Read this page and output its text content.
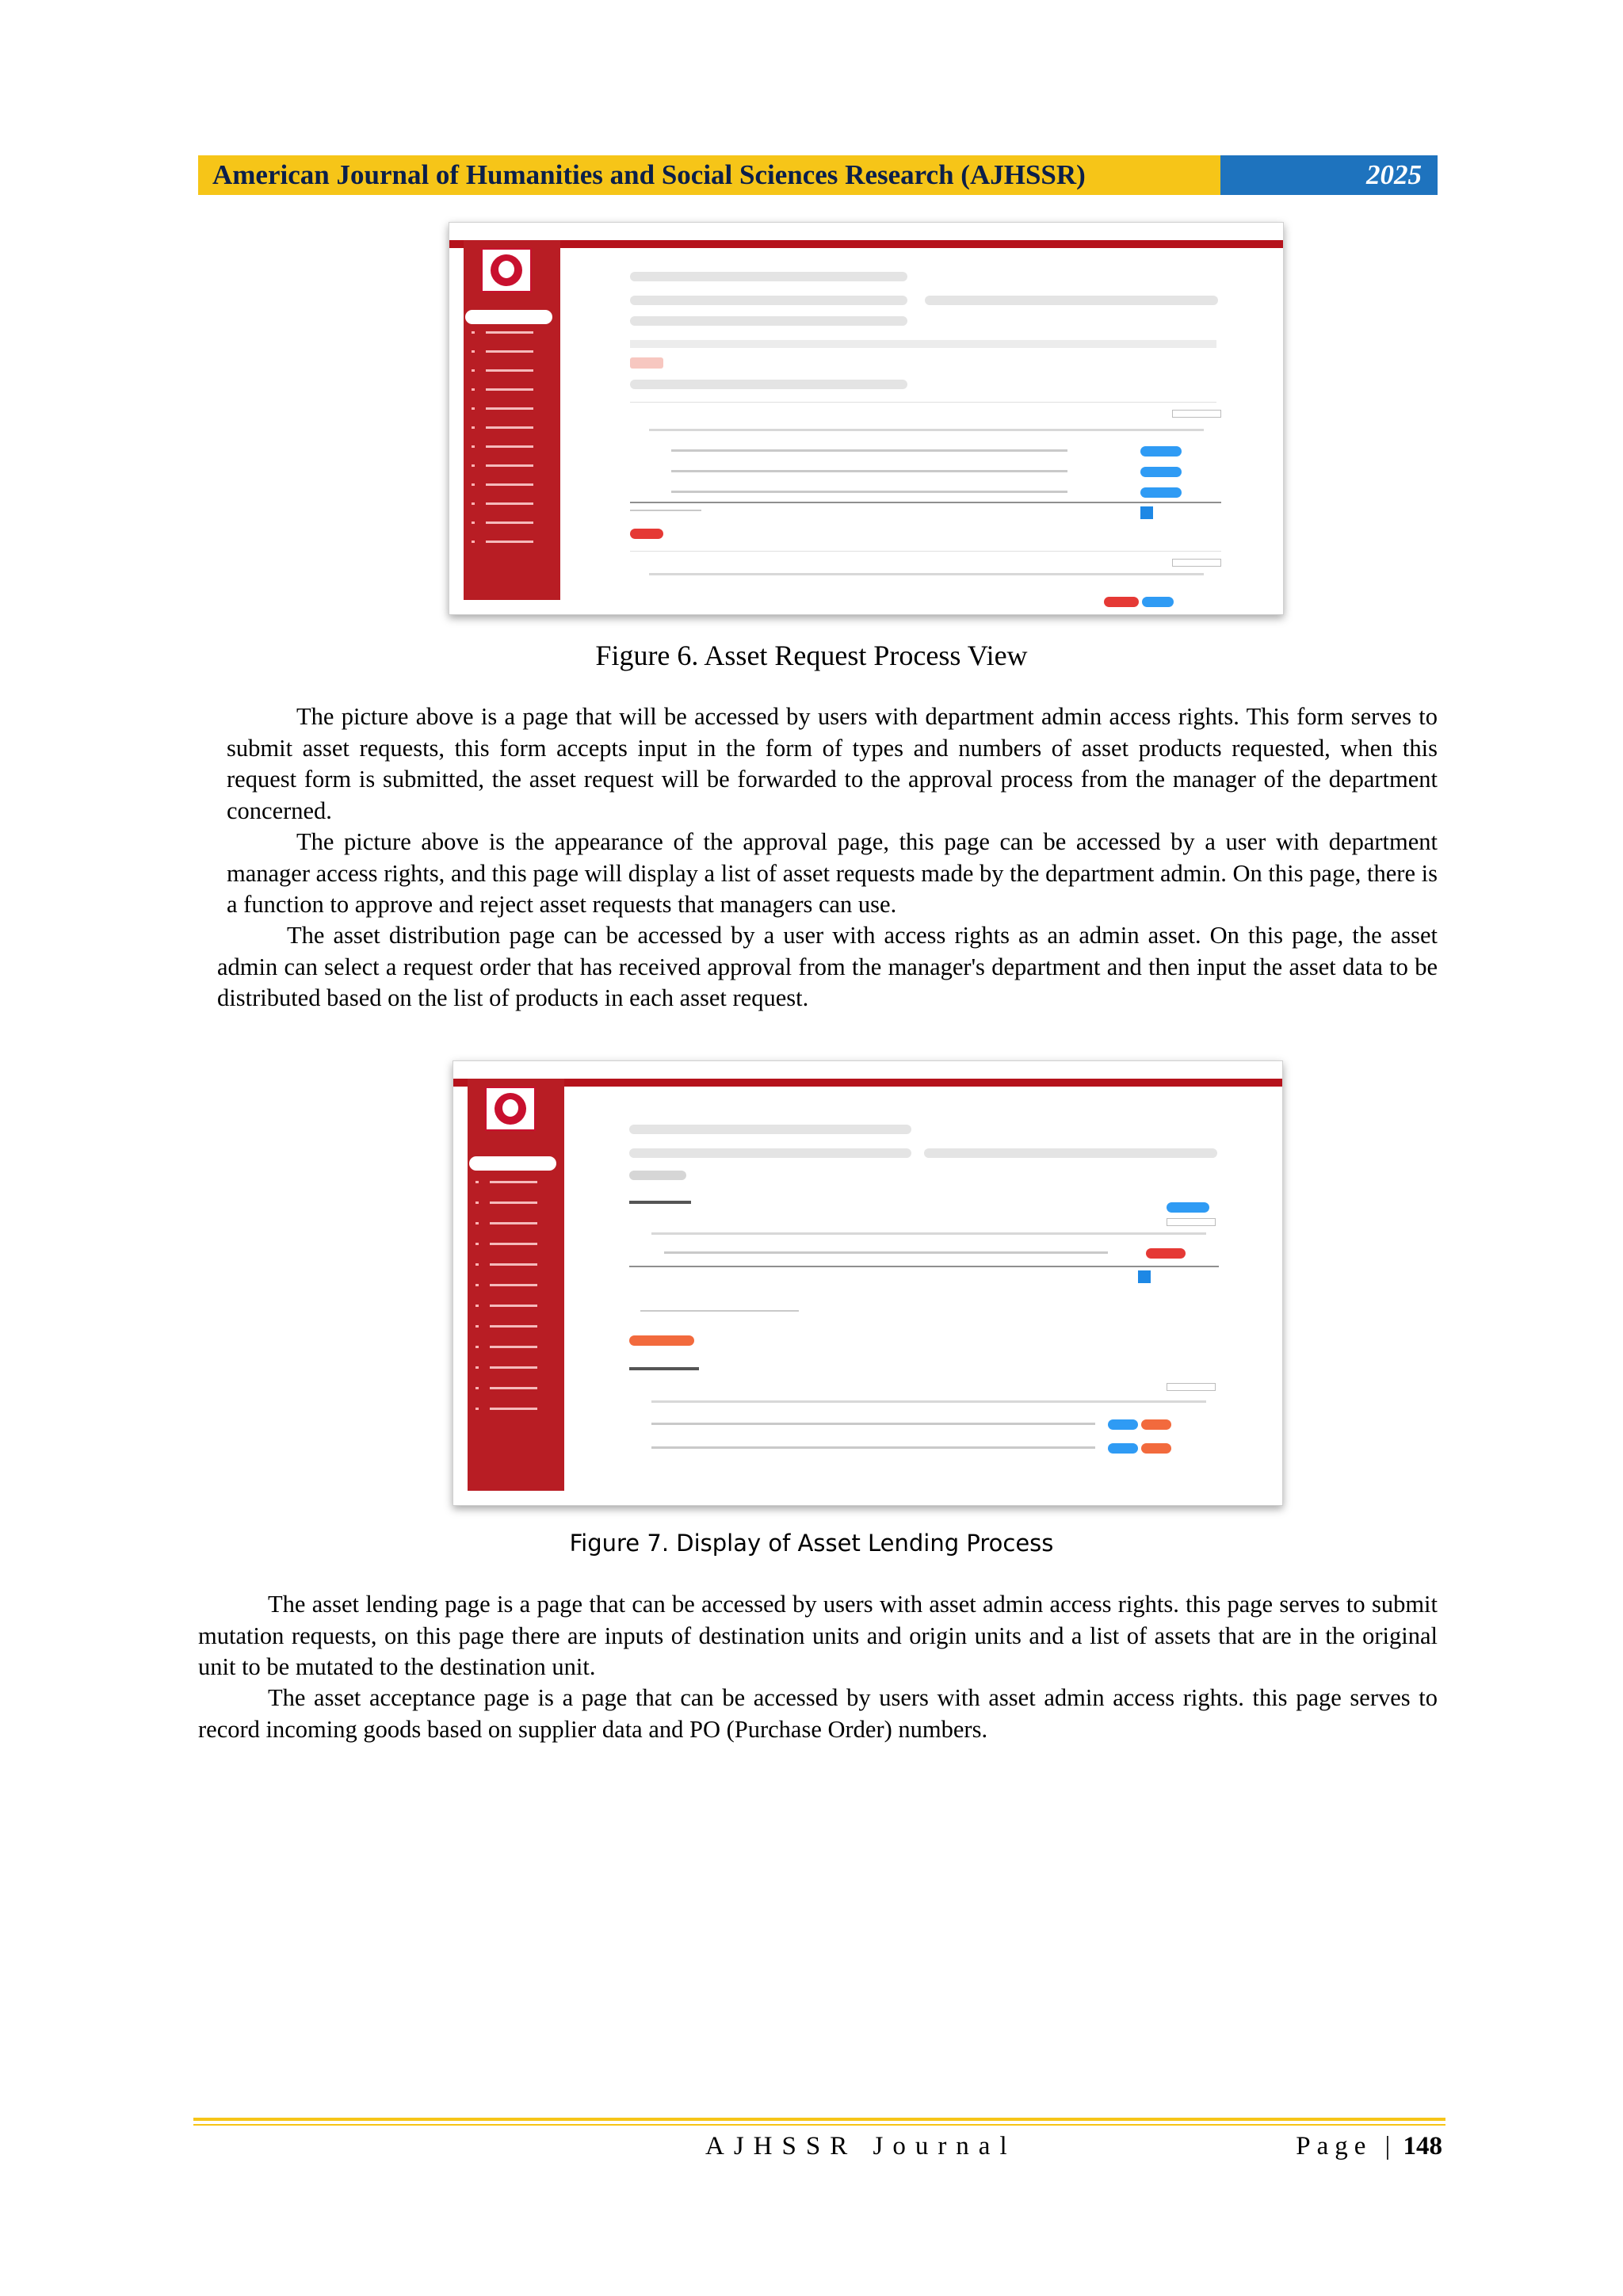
American Journal of Humanities and Social Sciences Research (AJHSSR)	2025
Figure 6. Asset Request Process View

The picture above is a page that will be accessed by users with department admin access rights. This form serves to submit asset requests, this form accepts input in the form of types and numbers of asset products requested, when this request form is submitted, the asset request will be forwarded to the approval process from the manager of the department concerned.

The picture above is the appearance of the approval page, this page can be accessed by a user with department manager access rights, and this page will display a list of asset requests made by the department admin. On this page, there is a function to approve and reject asset requests that managers can use.

The asset distribution page can be accessed by a user with access rights as an admin asset. On this page, the asset admin can select a request order that has received approval from the manager's department and then input the asset data to be distributed based on the list of products in each asset request.

Figure 7. Display of Asset Lending Process

The asset lending page is a page that can be accessed by users with asset admin access rights. this page serves to submit mutation requests, on this page there are inputs of destination units and origin units and a list of assets that are in the original unit to be mutated to the destination unit.

The asset acceptance page is a page that can be accessed by users with asset admin access rights. this page serves to record incoming goods based on supplier data and PO (Purchase Order) numbers.

AJHSSR Journal	Page | 148
